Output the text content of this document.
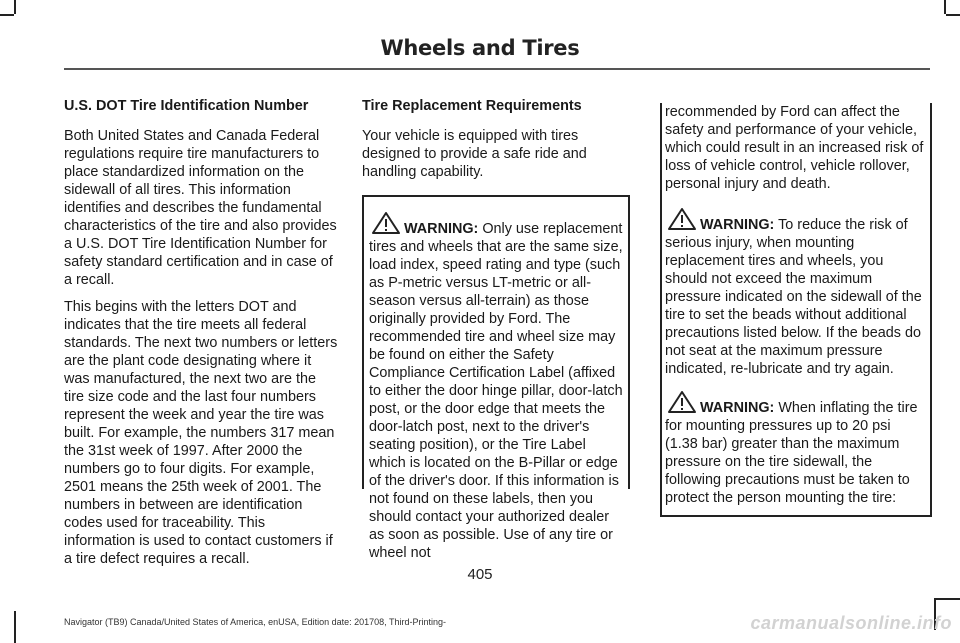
Wheels and Tires
U.S. DOT Tire Identification Number

Both United States and Canada Federal regulations require tire manufacturers to place standardized information on the sidewall of all tires. This information identifies and describes the fundamental characteristics of the tire and also provides a U.S. DOT Tire Identification Number for safety standard certification and in case of a recall.

This begins with the letters DOT and indicates that the tire meets all federal standards. The next two numbers or letters are the plant code designating where it was manufactured, the next two are the tire size code and the last four numbers represent the week and year the tire was built. For example, the numbers 317 mean the 31st week of 1997. After 2000 the numbers go to four digits. For example, 2501 means the 25th week of 2001. The numbers in between are identification codes used for traceability. This information is used to contact customers if a tire defect requires a recall.

Tire Replacement Requirements

Your vehicle is equipped with tires designed to provide a safe ride and handling capability.

WARNING: Only use replacement tires and wheels that are the same size, load index, speed rating and type (such as P-metric versus LT-metric or all-season versus all-terrain) as those originally provided by Ford. The recommended tire and wheel size may be found on either the Safety Compliance Certification Label (affixed to either the door hinge pillar, door-latch post, or the door edge that meets the door-latch post, next to the driver's seating position), or the Tire Label which is located on the B-Pillar or edge of the driver's door. If this information is not found on these labels, then you should contact your authorized dealer as soon as possible. Use of any tire or wheel not

recommended by Ford can affect the safety and performance of your vehicle, which could result in an increased risk of loss of vehicle control, vehicle rollover, personal injury and death.

WARNING: To reduce the risk of serious injury, when mounting replacement tires and wheels, you should not exceed the maximum pressure indicated on the sidewall of the tire to set the beads without additional precautions listed below. If the beads do not seat at the maximum pressure indicated, re-lubricate and try again.
WARNING: When inflating the tire for mounting pressures up to 20 psi (1.38 bar) greater than the maximum pressure on the tire sidewall, the following precautions must be taken to protect the person mounting the tire:
405
Navigator (TB9) Canada/United States of America, enUSA, Edition date: 201708, Third-Printing-	carmanualsonline.info
